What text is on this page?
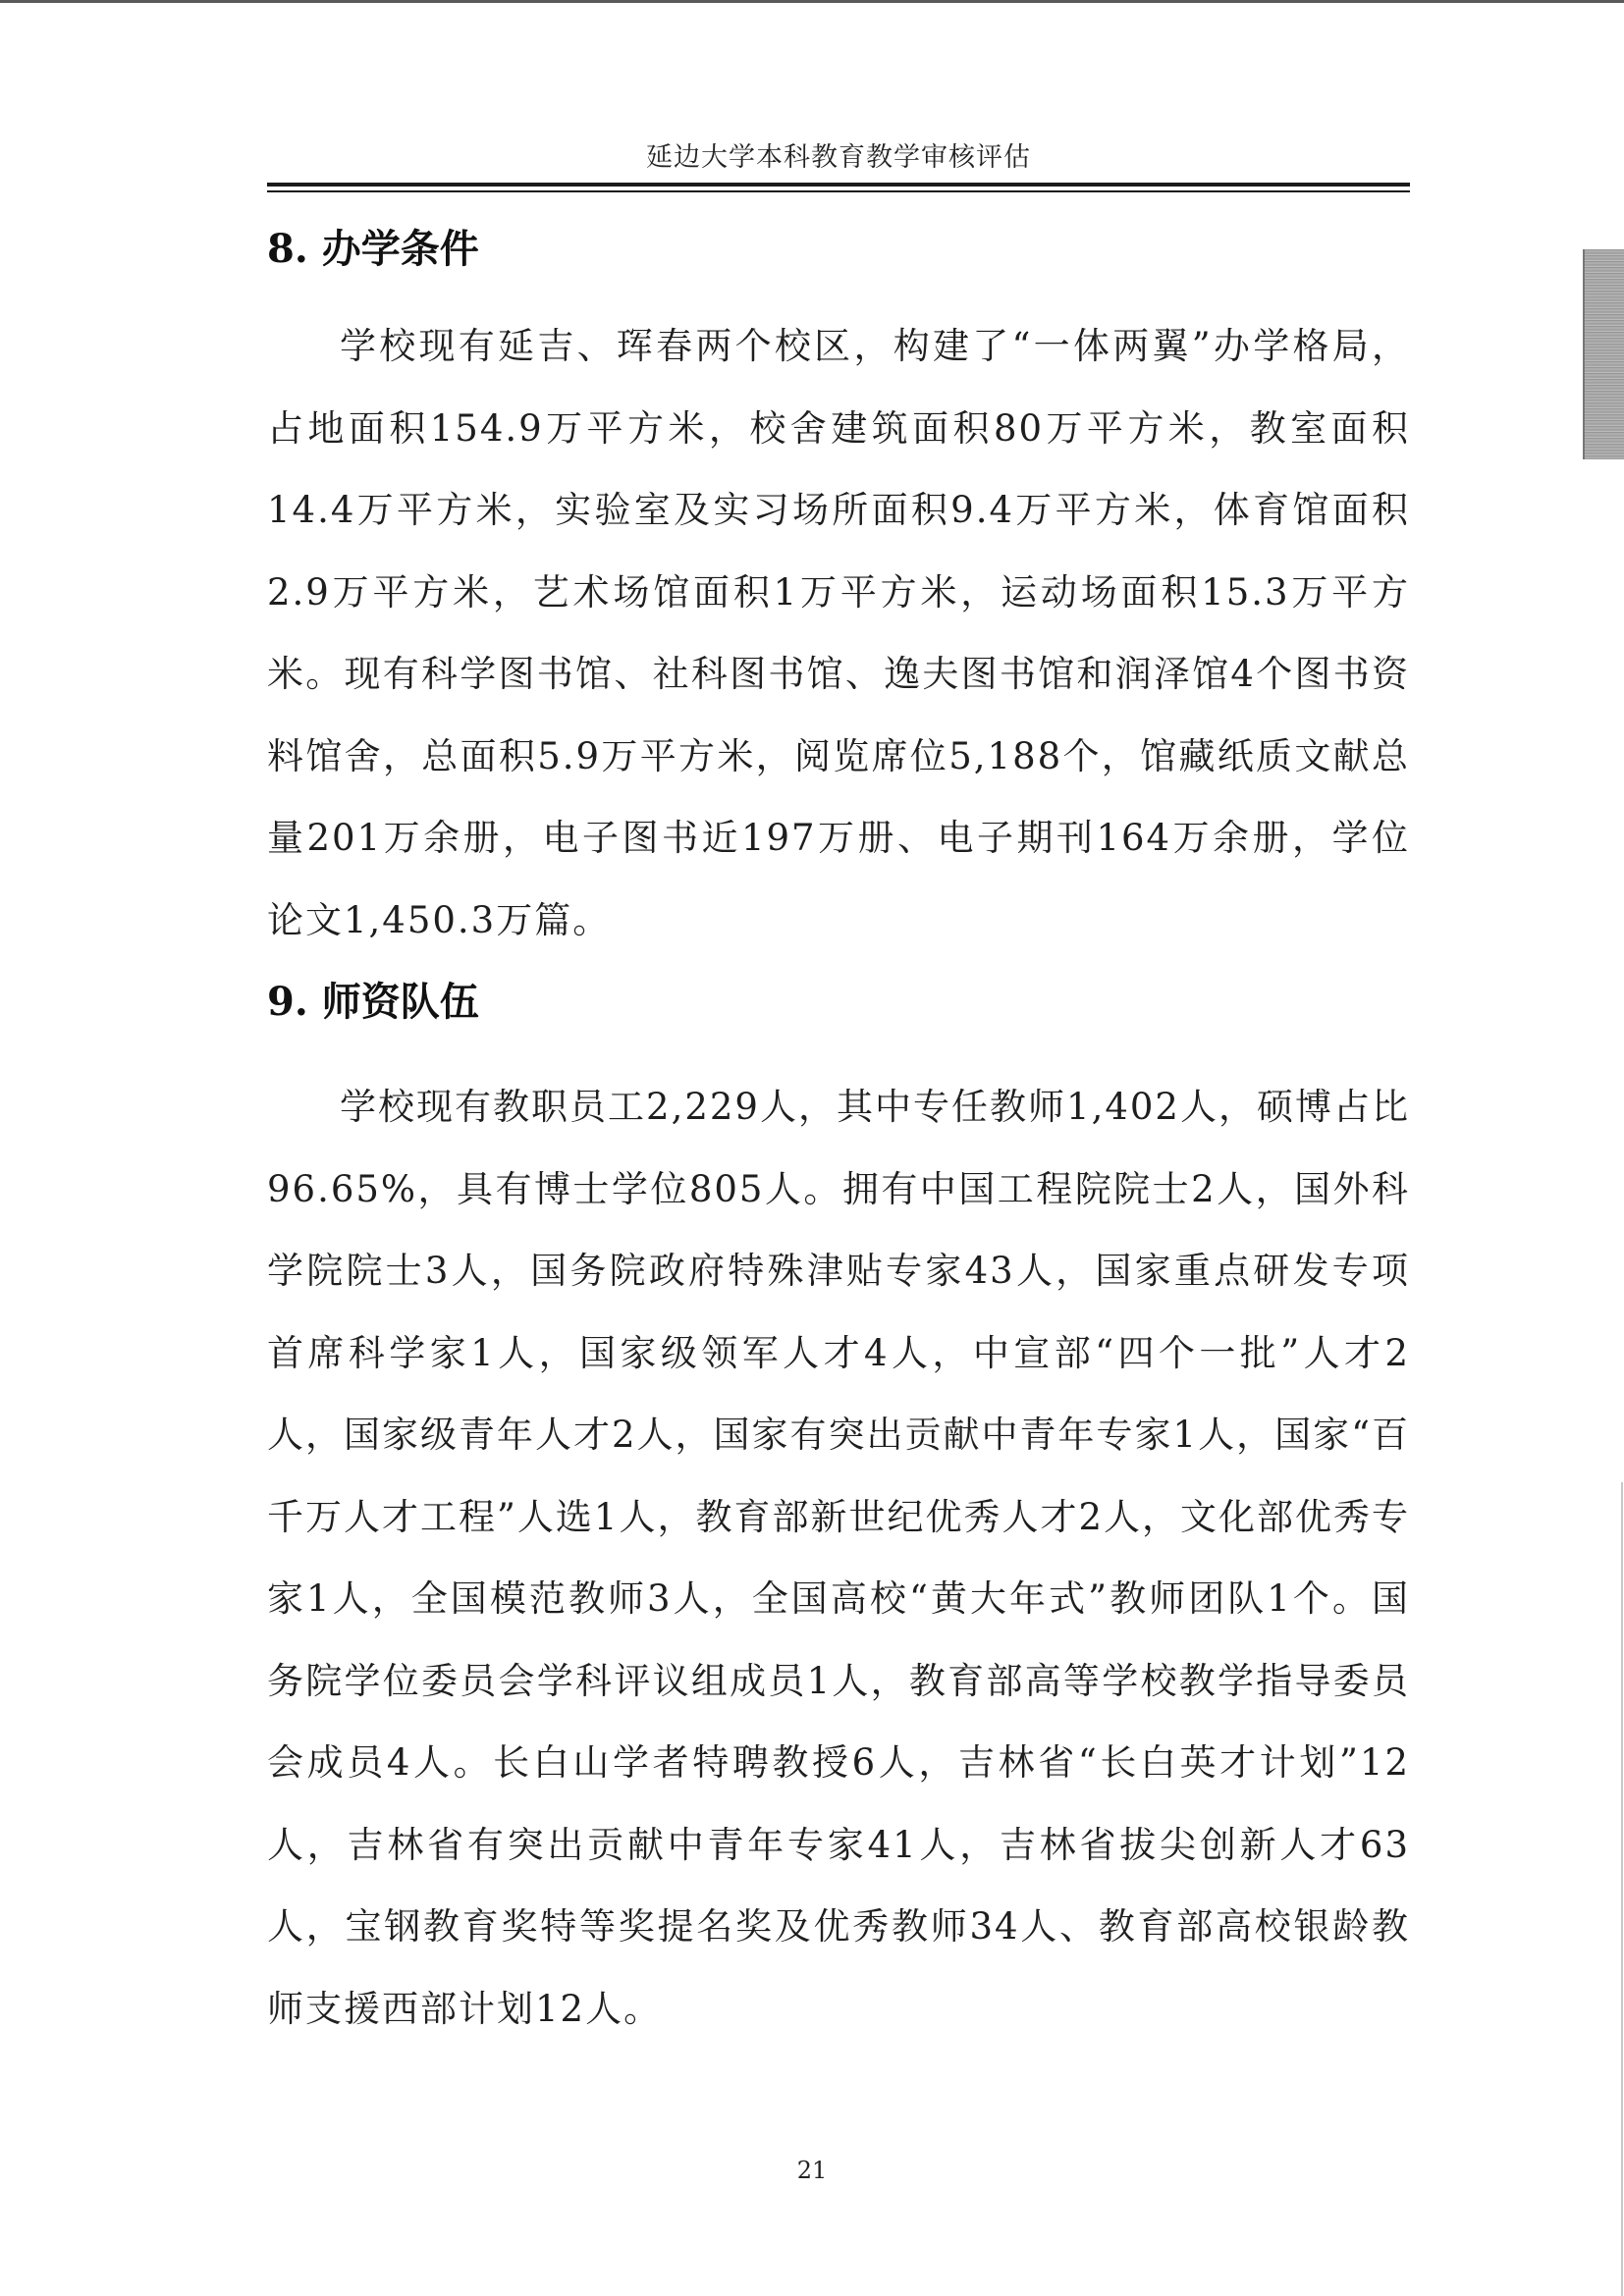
延边大学本科教育教学审核评估
8. 办学条件

学校现有延吉、珲春两个校区，构建了“一体两翼”办学格局，占地面积154.9万平方米，校舍建筑面积80万平方米，教室面积14.4万平方米，实验室及实习场所面积9.4万平方米，体育馆面积2.9万平方米，艺术场馆面积1万平方米，运动场面积15.3万平方米。现有科学图书馆、社科图书馆、逸夫图书馆和润泽馆4个图书资料馆舍，总面积5.9万平方米，阅览席位5,188个，馆藏纸质文献总量201万余册，电子图书近197万册、电子期刊164万余册，学位论文1,450.3万篇。

9. 师资队伍

学校现有教职员工2,229人，其中专任教师1,402人，硕博占比96.65%，具有博士学位805人。拥有中国工程院院士2人，国外科学院院士3人，国务院政府特殊津贴专家43人，国家重点研发专项首席科学家1人，国家级领军人才4人，中宣部“四个一批”人才2人，国家级青年人才2人，国家有突出贡献中青年专家1人，国家“百千万人才工程”人选1人，教育部新世纪优秀人才2人，文化部优秀专家1人，全国模范教师3人，全国高校“黄大年式”教师团队1个。国务院学位委员会学科评议组成员1人，教育部高等学校教学指导委员会成员4人。长白山学者特聘教授6人，吉林省“长白英才计划”12人，吉林省有突出贡献中青年专家41人，吉林省拔尖创新人才63人，宝钢教育奖特等奖提名奖及优秀教师34人、教育部高校银龄教师支援西部计划12人。

21
